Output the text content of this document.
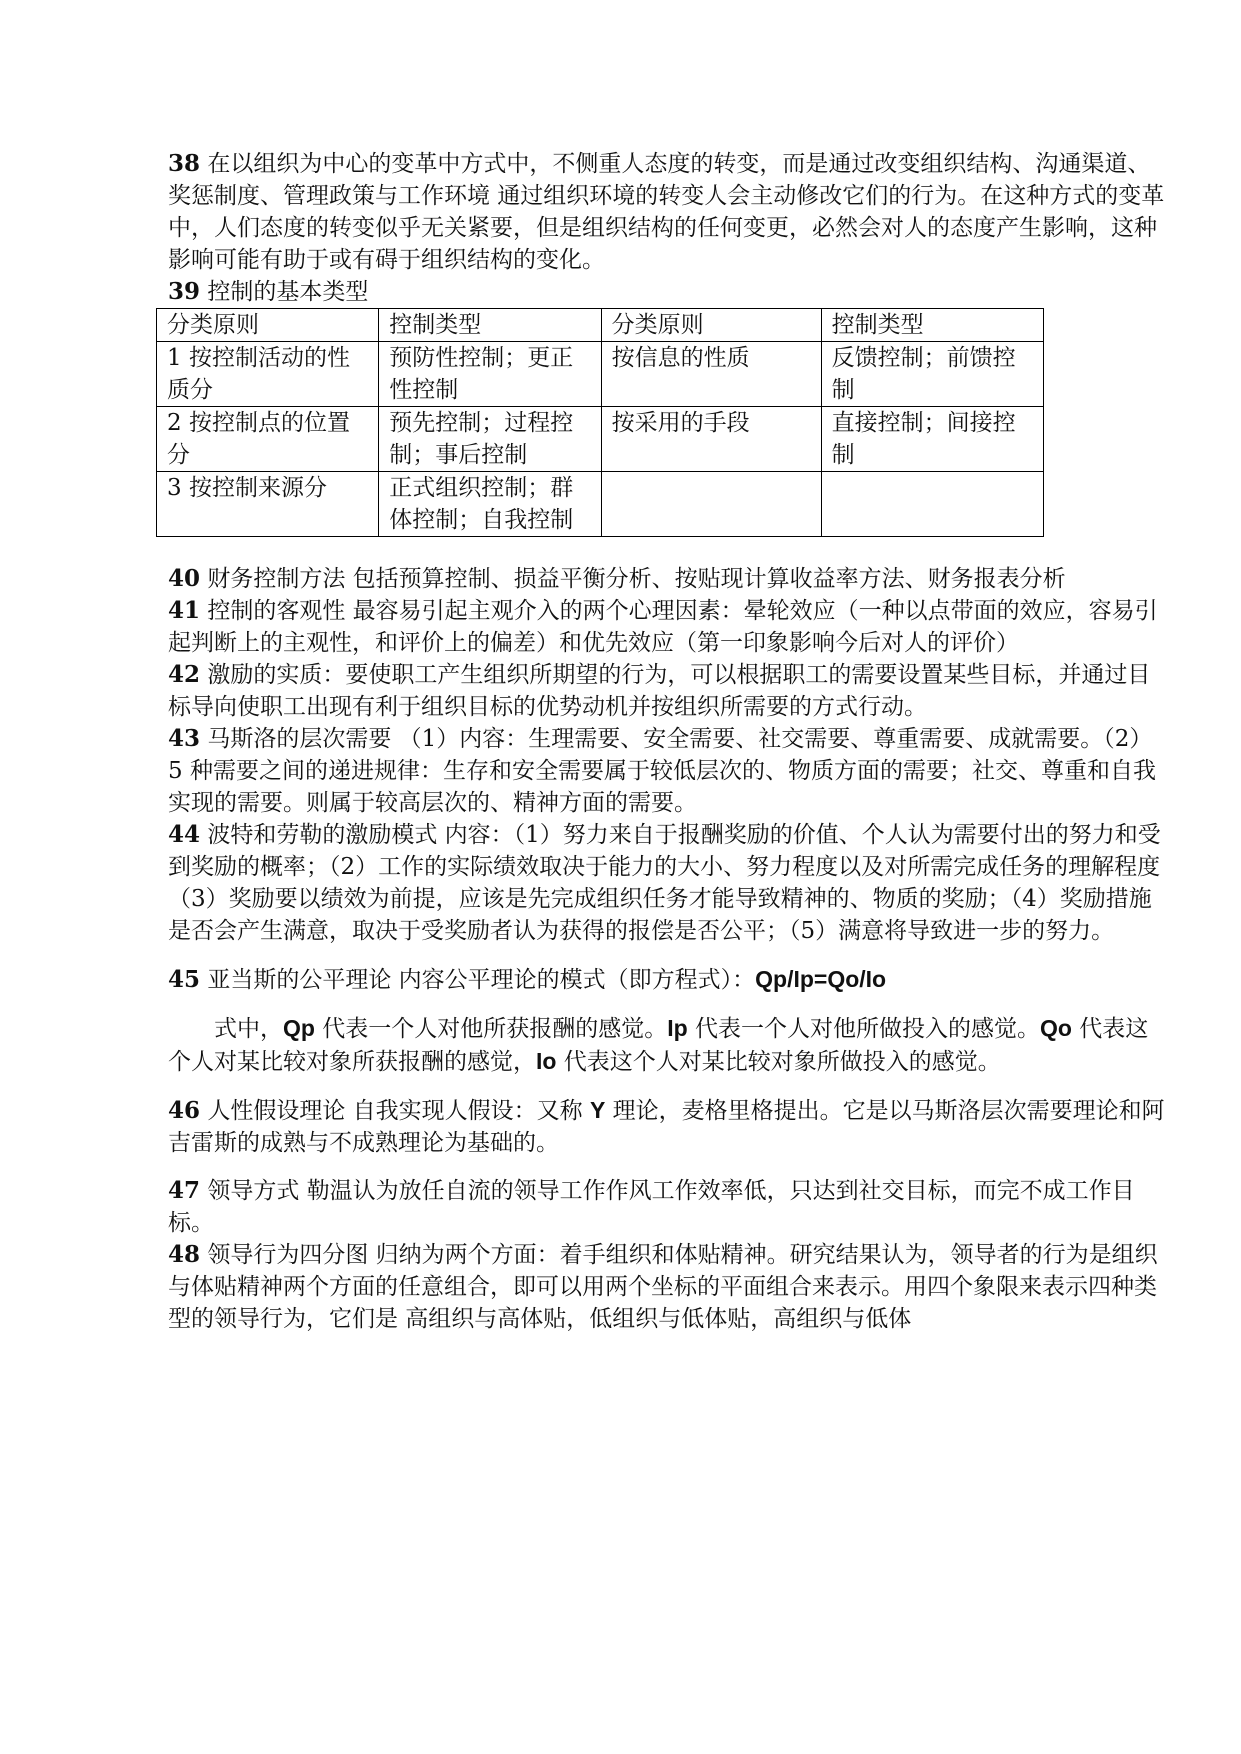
38 在以组织为中心的变革中方式中，不侧重人态度的转变，而是通过改变组织结构、沟通渠道、奖惩制度、管理政策与工作环境 通过组织环境的转变人会主动修改它们的行为。在这种方式的变革中，人们态度的转变似乎无关紧要，但是组织结构的任何变更，必然会对人的态度产生影响，这种影响可能有助于或有碍于组织结构的变化。

39 控制的基本类型

分类原则	控制类型	分类原则	控制类型
1 按控制活动的性质分	预防性控制；更正性控制	按信息的性质	反馈控制；前馈控制
2 按控制点的位置分	预先控制；过程控制；事后控制	按采用的手段	直接控制；间接控制
3 按控制来源分	正式组织控制；群体控制；自我控制		

40 财务控制方法 包括预算控制、损益平衡分析、按贴现计算收益率方法、财务报表分析

41 控制的客观性 最容易引起主观介入的两个心理因素：晕轮效应（一种以点带面的效应，容易引起判断上的主观性，和评价上的偏差）和优先效应（第一印象影响今后对人的评价）

42 激励的实质：要使职工产生组织所期望的行为，可以根据职工的需要设置某些目标，并通过目标导向使职工出现有利于组织目标的优势动机并按组织所需要的方式行动。

43 马斯洛的层次需要 （1）内容：生理需要、安全需要、社交需要、尊重需要、成就需要。（2） 5 种需要之间的递进规律：生存和安全需要属于较低层次的、物质方面的需要；社交、尊重和自我实现的需要。则属于较高层次的、精神方面的需要。

44 波特和劳勒的激励模式 内容：（1）努力来自于报酬奖励的价值、个人认为需要付出的努力和受到奖励的概率；（2）工作的实际绩效取决于能力的大小、努力程度以及对所需完成任务的理解程度（3）奖励要以绩效为前提，应该是先完成组织任务才能导致精神的、物质的奖励；（4）奖励措施是否会产生满意，取决于受奖励者认为获得的报偿是否公平；（5）满意将导致进一步的努力。

45 亚当斯的公平理论 内容公平理论的模式（即方程式）：Qp/Ip=Qo/Io

式中，Qp 代表一个人对他所获报酬的感觉。Ip 代表一个人对他所做投入的感觉。Qo 代表这个人对某比较对象所获报酬的感觉，Io 代表这个人对某比较对象所做投入的感觉。

46 人性假设理论 自我实现人假设：又称 Y 理论，麦格里格提出。它是以马斯洛层次需要理论和阿吉雷斯的成熟与不成熟理论为基础的。

47 领导方式 勒温认为放任自流的领导工作作风工作效率低，只达到社交目标，而完不成工作目标。

48 领导行为四分图 归纳为两个方面：着手组织和体贴精神。研究结果认为，领导者的行为是组织与体贴精神两个方面的任意组合，即可以用两个坐标的平面组合来表示。用四个象限来表示四种类型的领导行为，它们是 高组织与高体贴，低组织与低体贴，高组织与低体
